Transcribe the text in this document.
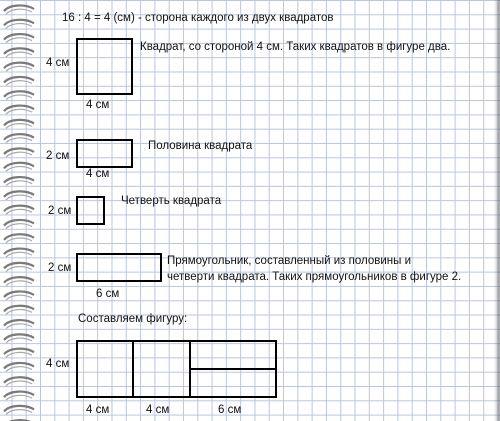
16 : 4 = 4 (см) - сторона каждого из двух квадратов
4 см
4 см
Квадрат, со стороной 4 см. Таких квадратов в фигуре два.
2 см
4 см
Половина квадрата
2 см
Четверть квадрата
2 см
6 см
Прямоугольник, составленный из половины и
четверти квадрата. Таких прямоугольников в фигуре 2.
Составляем фигуру:
4 см
4 см	4 см	6 см
